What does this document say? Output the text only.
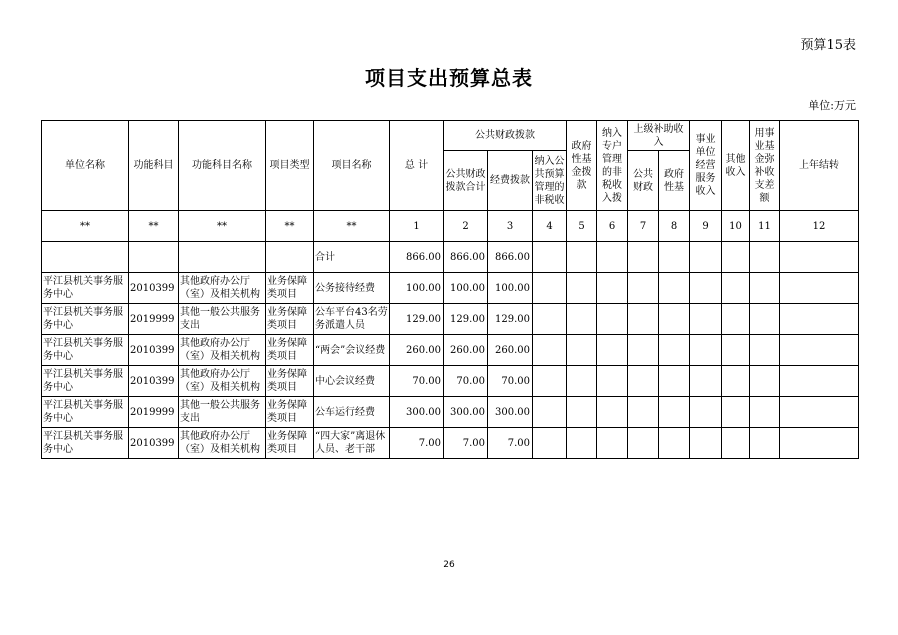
预算15表
项目支出预算总表
单位:万元
单位名称	功能科目	功能科目名称	项目类型	项目名称	总 计	公共财政拨款			政府性基金拨款	纳入专户管理的非税收入拨	上级补助收入		事业单位经营服务收入	其他收入	用事业基金弥补收支差额	上年结转
						公共财政拨款合计	经费拨款	纳入公共预算管理的非税收			公共财政	政府性基				

**	**	**	**	**	1	2	3	4	5	6	7	8	9	10	11	12
				合计	866.00	866.00	866.00									

平江县机关事务服务中心	2010399	其他政府办公厅（室）及相关机构	业务保障类项目	公务接待经费	100.00	100.00	100.00									

平江县机关事务服务中心	2019999	其他一般公共服务支出	业务保障类项目	公车平台43名劳务派遣人员	129.00	129.00	129.00									

平江县机关事务服务中心	2010399	其他政府办公厅（室）及相关机构	业务保障类项目	“两会”会议经费	260.00	260.00	260.00									

平江县机关事务服务中心	2010399	其他政府办公厅（室）及相关机构	业务保障类项目	中心会议经费	70.00	70.00	70.00									

平江县机关事务服务中心	2019999	其他一般公共服务支出	业务保障类项目	公车运行经费	300.00	300.00	300.00									

平江县机关事务服务中心	2010399	其他政府办公厅（室）及相关机构	业务保障类项目	“四大家”离退休人员、老干部	7.00	7.00	7.00									
26
